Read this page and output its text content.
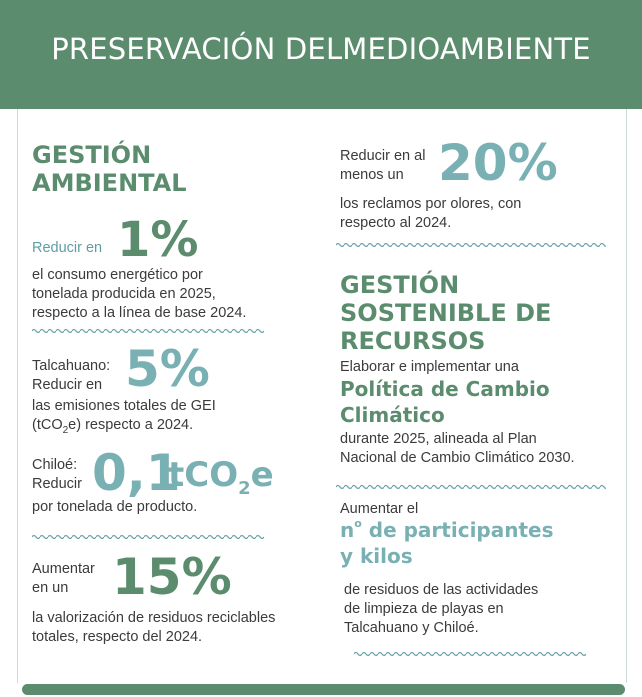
PRESERVACIÓN DELMEDIOAMBIENTE
GESTIÓN
AMBIENTAL
Reducir en 1%
el consumo energético por
tonelada producida en 2025,
respecto a la línea de base 2024.
Talcahuano:
Reducir en 5%
las emisiones totales de GEI
(tCO$_2$e) respecto a 2024.
Chiloé:
Reducir 0,1
tCO$_2$e
por tonelada de producto.
Aumentar
en un 15%
la valorización de residuos reciclables
totales, respecto del 2024.
Reducir en al
menos un 20%
los reclamos por olores, con
respecto al 2024.
GESTIÓN
SOSTENIBLE DE
RECURSOS
Elaborar e implementar una
Política de Cambio
Climático
durante 2025, alineada al Plan
Nacional de Cambio Climático 2030.
Aumentar el
$n^o$ de participantes
y kilos
de residuos de las actividades
de limpieza de playas en
Talcahuano y Chiloé.
